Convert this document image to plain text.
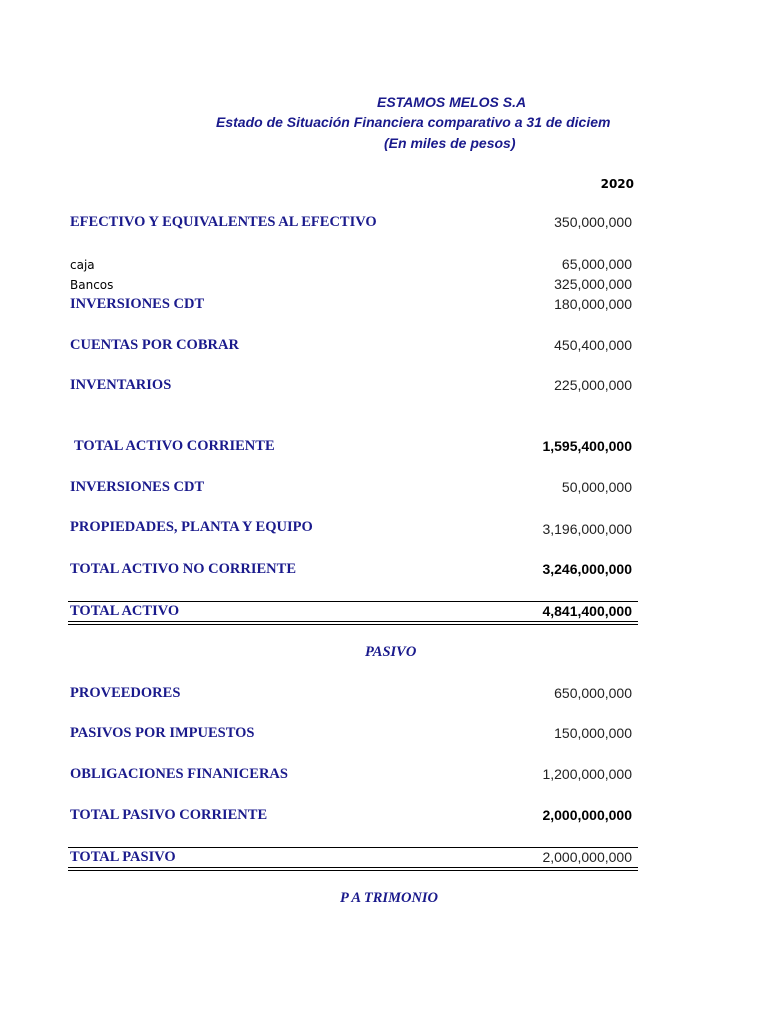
ESTAMOS MELOS S.A
Estado de Situación Financiera comparativo a 31 de diciem
(En miles de pesos)
2020
EFECTIVO Y EQUIVALENTES AL EFECTIVO	350,000,000
caja	65,000,000
Bancos	325,000,000
INVERSIONES CDT	180,000,000
CUENTAS POR COBRAR	450,400,000
INVENTARIOS	225,000,000
TOTAL ACTIVO CORRIENTE	1,595,400,000
INVERSIONES CDT	50,000,000
PROPIEDADES, PLANTA Y EQUIPO	3,196,000,000
TOTAL ACTIVO NO CORRIENTE	3,246,000,000
TOTAL ACTIVO	4,841,400,000
PASIVO
PROVEEDORES	650,000,000
PASIVOS POR IMPUESTOS	150,000,000
OBLIGACIONES FINANICERAS	1,200,000,000
TOTAL PASIVO CORRIENTE	2,000,000,000
TOTAL PASIVO	2,000,000,000
P A TRIMONIO
